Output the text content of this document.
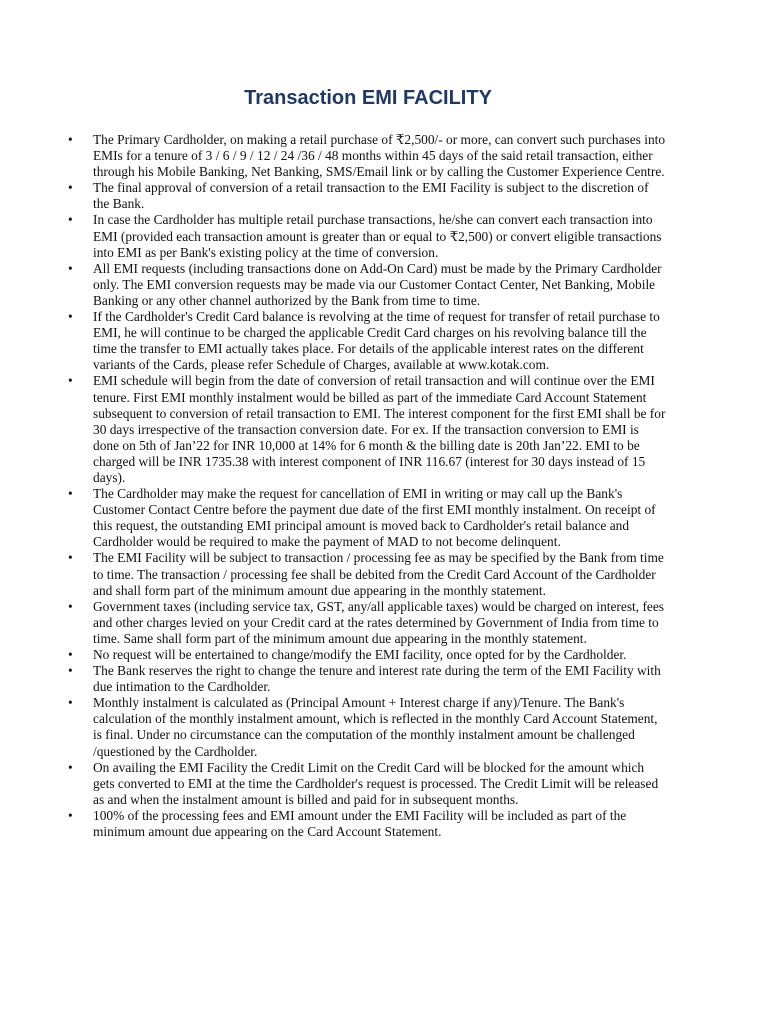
Transaction EMI FACILITY
•	The Primary Cardholder, on making a retail purchase of ₹2,500/- or more, can convert such purchases into EMIs for a tenure of 3 / 6 / 9 / 12 / 24 /36 / 48 months within 45 days of the said retail transaction, either through his Mobile Banking, Net Banking, SMS/Email link or by calling the Customer Experience Centre.
•	The final approval of conversion of a retail transaction to the EMI Facility is subject to the discretion of the Bank.
•	In case the Cardholder has multiple retail purchase transactions, he/she can convert each transaction into EMI (provided each transaction amount is greater than or equal to ₹2,500) or convert eligible transactions into EMI as per Bank's existing policy at the time of conversion.
•	All EMI requests (including transactions done on Add-On Card) must be made by the Primary Cardholder only. The EMI conversion requests may be made via our Customer Contact Center, Net Banking, Mobile Banking or any other channel authorized by the Bank from time to time.
•	If the Cardholder's Credit Card balance is revolving at the time of request for transfer of retail purchase to EMI, he will continue to be charged the applicable Credit Card charges on his revolving balance till the time the transfer to EMI actually takes place. For details of the applicable interest rates on the different variants of the Cards, please refer Schedule of Charges, available at www.kotak.com.
•	EMI schedule will begin from the date of conversion of retail transaction and will continue over the EMI tenure. First EMI monthly instalment would be billed as part of the immediate Card Account Statement subsequent to conversion of retail transaction to EMI. The interest component for the first EMI shall be for 30 days irrespective of the transaction conversion date. For ex. If the transaction conversion to EMI is done on 5th of Jan’22 for INR 10,000 at 14% for 6 month & the billing date is 20th Jan’22. EMI to be charged will be INR 1735.38 with interest component of INR 116.67 (interest for 30 days instead of 15 days).
•	The Cardholder may make the request for cancellation of EMI in writing or may call up the Bank's Customer Contact Centre before the payment due date of the first EMI monthly instalment. On receipt of this request, the outstanding EMI principal amount is moved back to Cardholder's retail balance and Cardholder would be required to make the payment of MAD to not become delinquent.
•	The EMI Facility will be subject to transaction / processing fee as may be specified by the Bank from time to time. The transaction / processing fee shall be debited from the Credit Card Account of the Cardholder and shall form part of the minimum amount due appearing in the monthly statement.
•	Government taxes (including service tax, GST, any/all applicable taxes) would be charged on interest, fees and other charges levied on your Credit card at the rates determined by Government of India from time to time. Same shall form part of the minimum amount due appearing in the monthly statement.
•	No request will be entertained to change/modify the EMI facility, once opted for by the Cardholder.
•	The Bank reserves the right to change the tenure and interest rate during the term of the EMI Facility with due intimation to the Cardholder.
•	Monthly instalment is calculated as (Principal Amount + Interest charge if any)/Tenure. The Bank's calculation of the monthly instalment amount, which is reflected in the monthly Card Account Statement, is final. Under no circumstance can the computation of the monthly instalment amount be challenged /questioned by the Cardholder.
•	On availing the EMI Facility the Credit Limit on the Credit Card will be blocked for the amount which gets converted to EMI at the time the Cardholder's request is processed. The Credit Limit will be released as and when the instalment amount is billed and paid for in subsequent months.
•	100% of the processing fees and EMI amount under the EMI Facility will be included as part of the minimum amount due appearing on the Card Account Statement.
